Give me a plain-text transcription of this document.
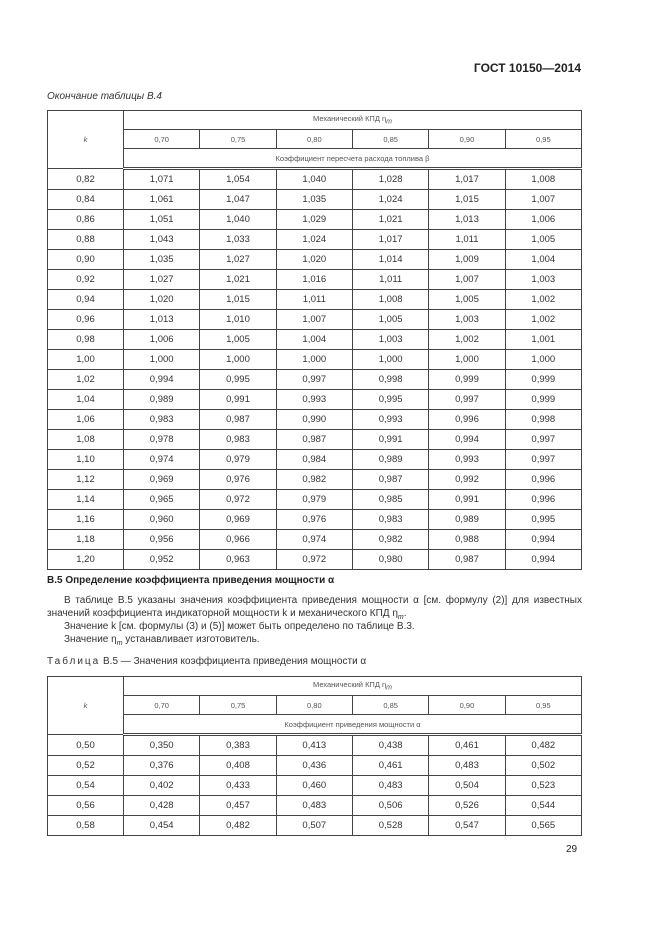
ГОСТ 10150—2014
Окончание таблицы В.4
k	Механический КПД $\eta_m$
	0,70	0,75	0,80	0,85	0,90	0,95
	Коэффициент пересчета расхода топлива β					
0,82	1,071	1,054	1,040	1,028	1,017	1,008
0,84	1,061	1,047	1,035	1,024	1,015	1,007
0,86	1,051	1,040	1,029	1,021	1,013	1,006
0,88	1,043	1,033	1,024	1,017	1,011	1,005
0,90	1,035	1,027	1,020	1,014	1,009	1,004
0,92	1,027	1,021	1,016	1,011	1,007	1,003
0,94	1,020	1,015	1,011	1,008	1,005	1,002
0,96	1,013	1,010	1,007	1,005	1,003	1,002
0,98	1,006	1,005	1,004	1,003	1,002	1,001
1,00	1,000	1,000	1,000	1,000	1,000	1,000
1,02	0,994	0,995	0,997	0,998	0,999	0,999
1,04	0,989	0,991	0,993	0,995	0,997	0,999
1,06	0,983	0,987	0,990	0,993	0,996	0,998
1,08	0,978	0,983	0,987	0,991	0,994	0,997
1,10	0,974	0,979	0,984	0,989	0,993	0,997
1,12	0,969	0,976	0,982	0,987	0,992	0,996
1,14	0,965	0,972	0,979	0,985	0,991	0,996
1,16	0,960	0,969	0,976	0,983	0,989	0,995
1,18	0,956	0,966	0,974	0,982	0,988	0,994
1,20	0,952	0,963	0,972	0,980	0,987	0,994
В.5 Определение коэффициента приведения мощности α
В таблице В.5 указаны значения коэффициента приведения мощности α [см. формулу (2)] для известных значений коэффициента индикаторной мощности k и механического КПД $\eta_m$.
Значение k [см. формулы (3) и (5)] может быть определено по таблице В.3.
Значение $\eta_m$ устанавливает изготовитель.
Таблица В.5 — Значения коэффициента приведения мощности α
k	Механический КПД $\eta_m$
	0,70	0,75	0,80	0,85	0,90	0,95
	Коэффициент приведения мощности α					
0,50	0,350	0,383	0,413	0,438	0,461	0,482
0,52	0,376	0,408	0,436	0,461	0,483	0,502
0,54	0,402	0,433	0,460	0,483	0,504	0,523
0,56	0,428	0,457	0,483	0,506	0,526	0,544
0,58	0,454	0,482	0,507	0,528	0,547	0,565
29
